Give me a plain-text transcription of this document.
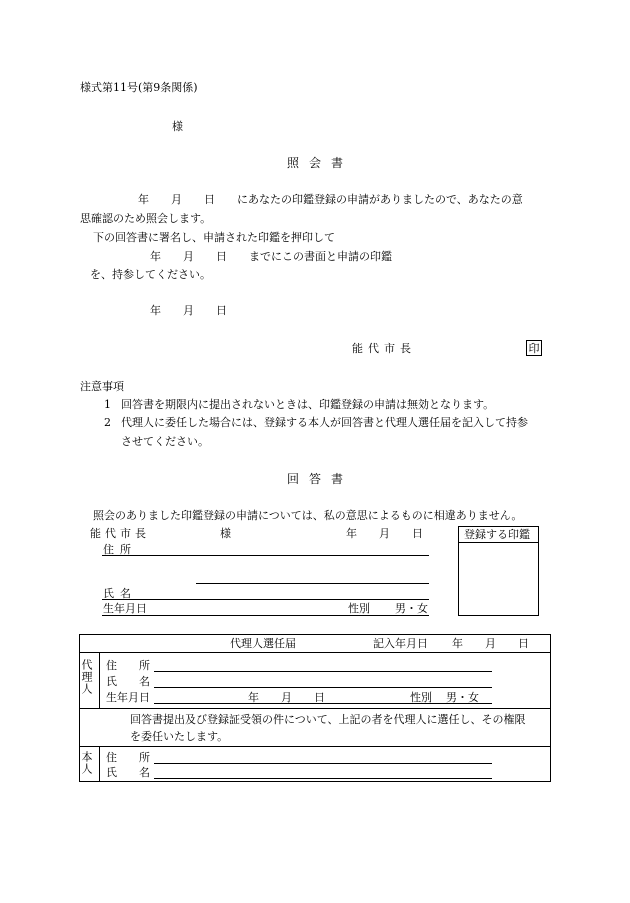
様式第11号(第9条関係)
様
照会書
年　　月　　日　　にあなたの印鑑登録の申請がありましたので、あなたの意
思確認のため照会します。
下の回答書に署名し、申請された印鑑を押印して
年　　月　　日　　までにこの書面と申請の印鑑
を、持参してください。
年　　月　　日
能代市長	印
注意事項
1 回答書を期限内に提出されないときは、印鑑登録の申請は無効となります。
2 代理人に委任した場合には、登録する本人が回答書と代理人選任届を記入して持参
させてください。
回答書
照会のありました印鑑登録の申請については、私の意思によるものに相違ありません。
能代市長	様	年　　月　　日
住所
氏名
生年月日	性別 男・女
登録する印鑑
代理人選任届	記入年月日 年　　月　　日
代理人 住　　所
氏　　名
生年月日	年　　月　　日	性別 男・女
回答書提出及び登録証受領の件について、上記の者を代理人に選任し、その権限
を委任いたします。
本人 住　　所
氏　　名
